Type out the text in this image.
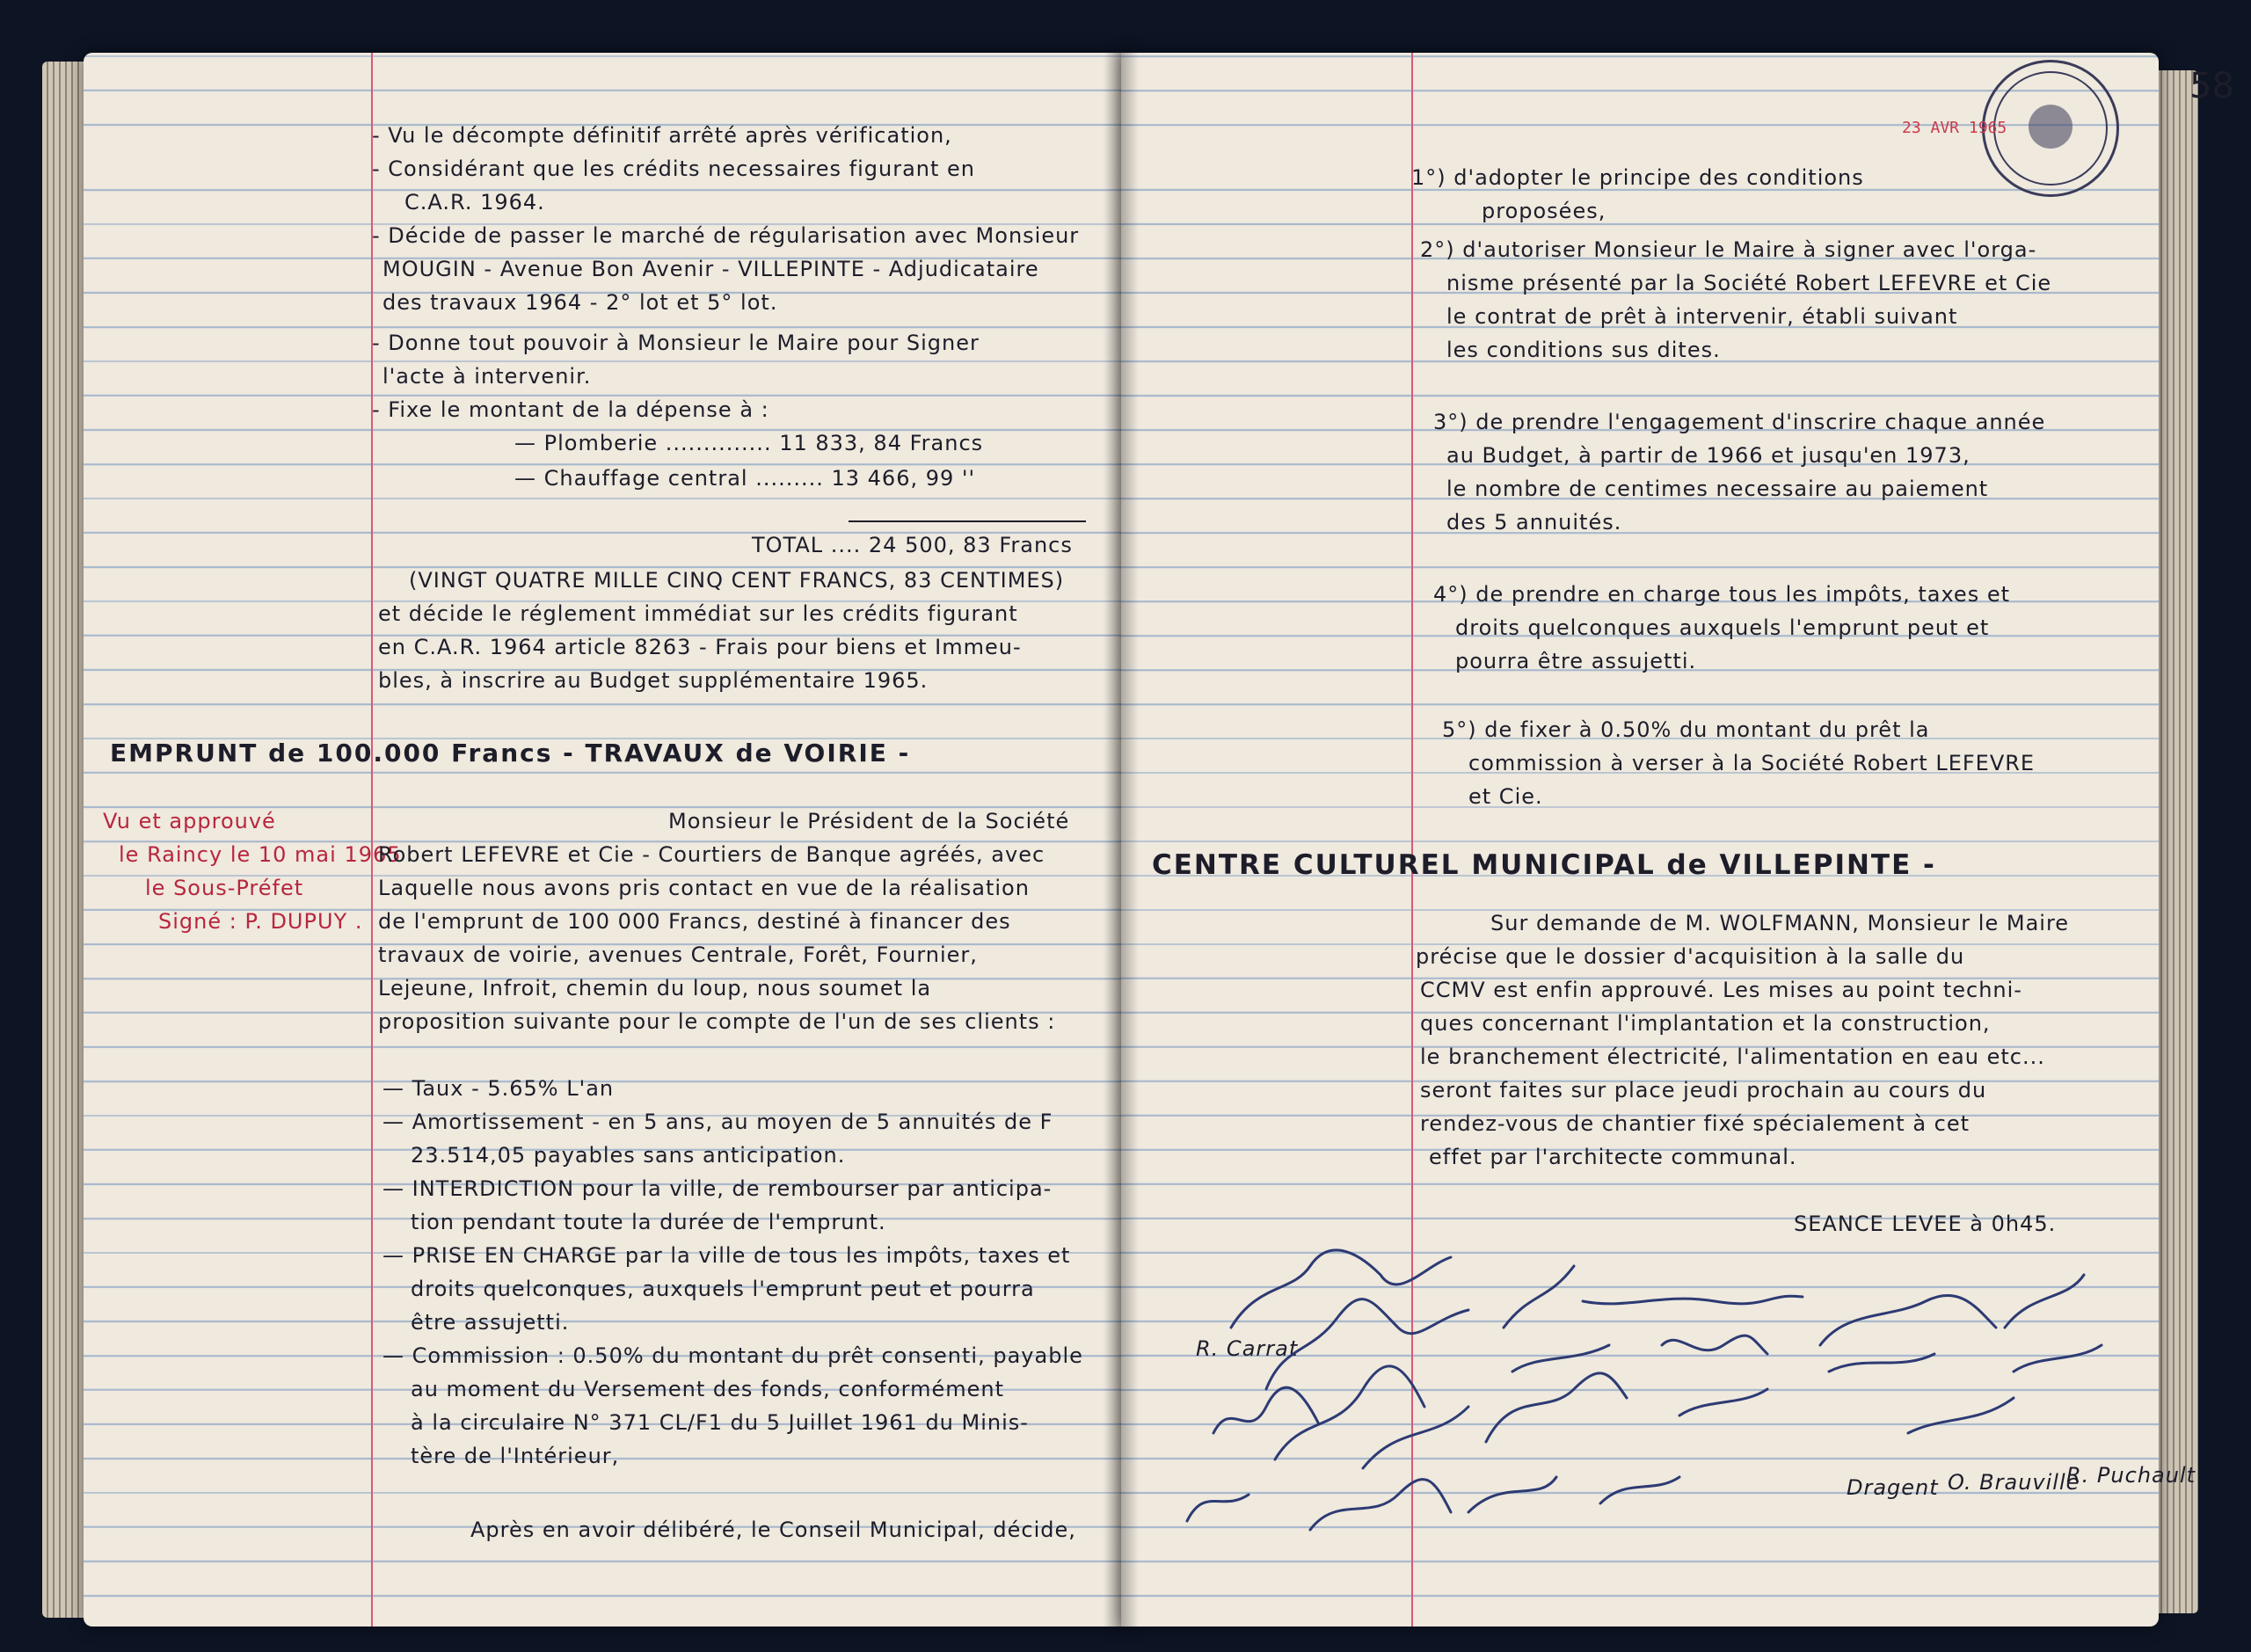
- Vu le décompte définitif arrêté après vérification,
- Considérant que les crédits necessaires figurant en
C.A.R. 1964.
- Décide de passer le marché de régularisation avec Monsieur
MOUGIN - Avenue Bon Avenir - VILLEPINTE - Adjudicataire
des travaux 1964 - 2° lot et 5° lot.
- Donne tout pouvoir à Monsieur le Maire pour Signer
l'acte à intervenir.
- Fixe le montant de la dépense à :
— Plomberie .............. 11 833, 84 Francs
— Chauffage central ......... 13 466, 99 ''
TOTAL .... 24 500, 83 Francs
(VINGT QUATRE MILLE CINQ CENT FRANCS, 83 CENTIMES)
et décide le réglement immédiat sur les crédits figurant
en C.A.R. 1964 article 8263 - Frais pour biens et Immeu-
bles, à inscrire au Budget supplémentaire 1965.
EMPRUNT de 100.000 Francs - TRAVAUX de VOIRIE -
Vu et approuvé
le Raincy le 10 mai 1965
le Sous-Préfet
Signé : P. DUPUY .
Monsieur le Président de la Société
Robert LEFEVRE et Cie - Courtiers de Banque agréés, avec
Laquelle nous avons pris contact en vue de la réalisation
de l'emprunt de 100 000 Francs, destiné à financer des
travaux de voirie, avenues Centrale, Forêt, Fournier,
Lejeune, Infroit, chemin du loup, nous soumet la
proposition suivante pour le compte de l'un de ses clients :
— Taux - 5.65% L'an
— Amortissement - en 5 ans, au moyen de 5 annuités de F
23.514,05 payables sans anticipation.
— INTERDICTION pour la ville, de rembourser par anticipa-
tion pendant toute la durée de l'emprunt.
— PRISE EN CHARGE par la ville de tous les impôts, taxes et
droits quelconques, auxquels l'emprunt peut et pourra
être assujetti.
— Commission : 0.50% du montant du prêt consenti, payable
au moment du Versement des fonds, conformément
à la circulaire N° 371 CL/F1 du 5 Juillet 1961 du Minis-
tère de l'Intérieur,
Après en avoir délibéré, le Conseil Municipal, décide,
1°) d'adopter le principe des conditions
proposées,
2°) d'autoriser Monsieur le Maire à signer avec l'orga-
nisme présenté par la Société Robert LEFEVRE et Cie
le contrat de prêt à intervenir, établi suivant
les conditions sus dites.
3°) de prendre l'engagement d'inscrire chaque année
au Budget, à partir de 1966 et jusqu'en 1973,
le nombre de centimes necessaire au paiement
des 5 annuités.
4°) de prendre en charge tous les impôts, taxes et
droits quelconques auxquels l'emprunt peut et
pourra être assujetti.
5°) de fixer à 0.50% du montant du prêt la
commission à verser à la Société Robert LEFEVRE
et Cie.
CENTRE CULTUREL MUNICIPAL de VILLEPINTE -
Sur demande de M. WOLFMANN, Monsieur le Maire
précise que le dossier d'acquisition à la salle du
CCMV est enfin approuvé. Les mises au point techni-
ques concernant l'implantation et la construction,
le branchement électricité, l'alimentation en eau etc...
seront faites sur place jeudi prochain au cours du
rendez-vous de chantier fixé spécialement à cet
effet par l'architecte communal.
SEANCE LEVEE à 0h45.
R. Carrat
Dragent O. Brauville
R. Puchault
23 AVR 1965
58
